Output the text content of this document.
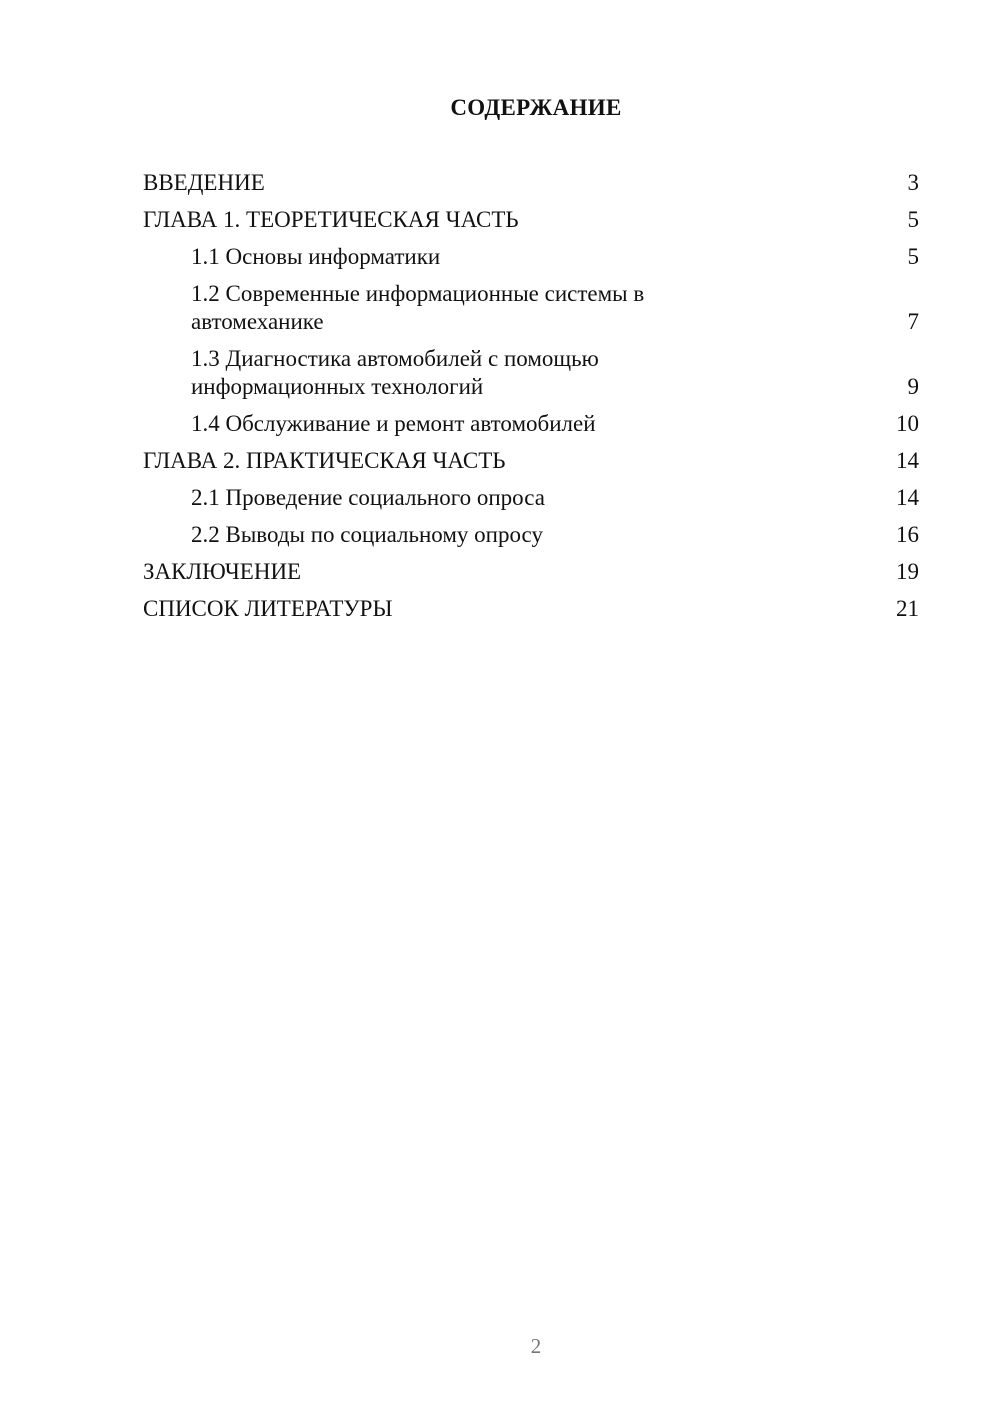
СОДЕРЖАНИЕ
ВВЕДЕНИЕ	3
ГЛАВА 1. ТЕОРЕТИЧЕСКАЯ ЧАСТЬ	5
1.1 Основы информатики	5
1.2 Современные информационные системы в
автомеханике	7
1.3 Диагностика автомобилей с помощью
информационных технологий	9
1.4 Обслуживание и ремонт автомобилей	10
ГЛАВА 2. ПРАКТИЧЕСКАЯ ЧАСТЬ	14
2.1 Проведение социального опроса	14
2.2 Выводы по социальному опросу	16
ЗАКЛЮЧЕНИЕ	19
СПИСОК ЛИТЕРАТУРЫ	21
2
